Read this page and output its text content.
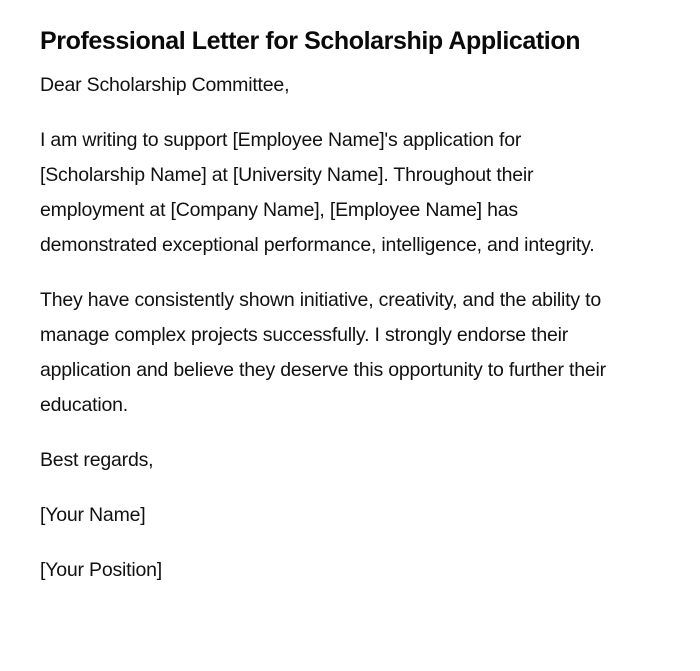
Professional Letter for Scholarship Application

Dear Scholarship Committee,

I am writing to support [Employee Name]'s application for [Scholarship Name] at [University Name]. Throughout their employment at [Company Name], [Employee Name] has demonstrated exceptional performance, intelligence, and integrity.

They have consistently shown initiative, creativity, and the ability to manage complex projects successfully. I strongly endorse their application and believe they deserve this opportunity to further their education.

Best regards,

[Your Name]

[Your Position]
